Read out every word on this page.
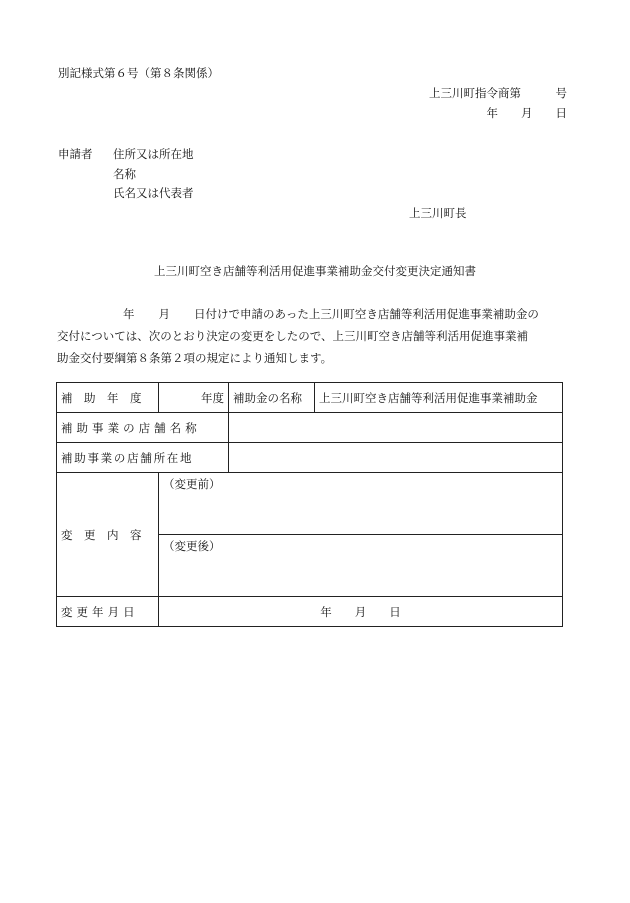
別記様式第６号（第８条関係）
上三川町指令商第　　　号
年　　月　　日
申請者 住所又は所在地
名称
氏名又は代表者
上三川町長
上三川町空き店舗等利活用促進事業補助金交付変更決定通知書
年 月 日付けで申請のあった上三川町空き店舗等利活用促進事業補助金の
交付については、次のとおり決定の変更をしたので、上三川町空き店舗等利活用促進事業補
助金交付要綱第８条第２項の規定により通知します。
補　助　年　度	年度	補助金の名称	上三川町空き店舗等利活用促進事業補助金
補助事業の店舗名称			
補助事業の店舗所在地			
変　更　内　容	（変更前）		
	（変更後）		
変更年月日	年　　月　　日		
